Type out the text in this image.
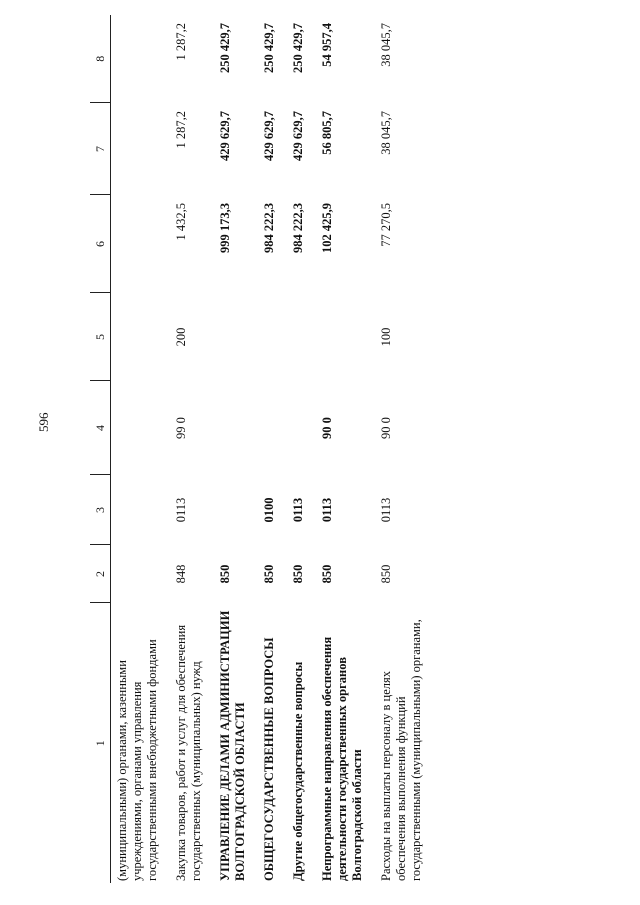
596
1	2	3	4	5	6	7	8
(муниципальными) органами, казенными учреждениями, органами управления государственными внебюджетными фондами							
Закупка товаров, работ и услуг для обеспечения государственных (муниципальных) нужд	848	0113	99 0	200	1 432,5	1 287,2	1 287,2
УПРАВЛЕНИЕ ДЕЛАМИ АДМИНИСТРАЦИИ ВОЛГОГРАДСКОЙ ОБЛАСТИ	850				999 173,3	429 629,7	250 429,7
ОБЩЕГОСУДАРСТВЕННЫЕ ВОПРОСЫ	850	0100			984 222,3	429 629,7	250 429,7
Другие общегосударственные вопросы	850	0113			984 222,3	429 629,7	250 429,7
Непрограммные направления обеспечения деятельности государственных органов Волгоградской области	850	0113	90 0		102 425,9	56 805,7	54 957,4
Расходы на выплаты персоналу в целях обеспечения выполнения функций государственными (муниципальными) органами,	850	0113	90 0	100	77 270,5	38 045,7	38 045,7
